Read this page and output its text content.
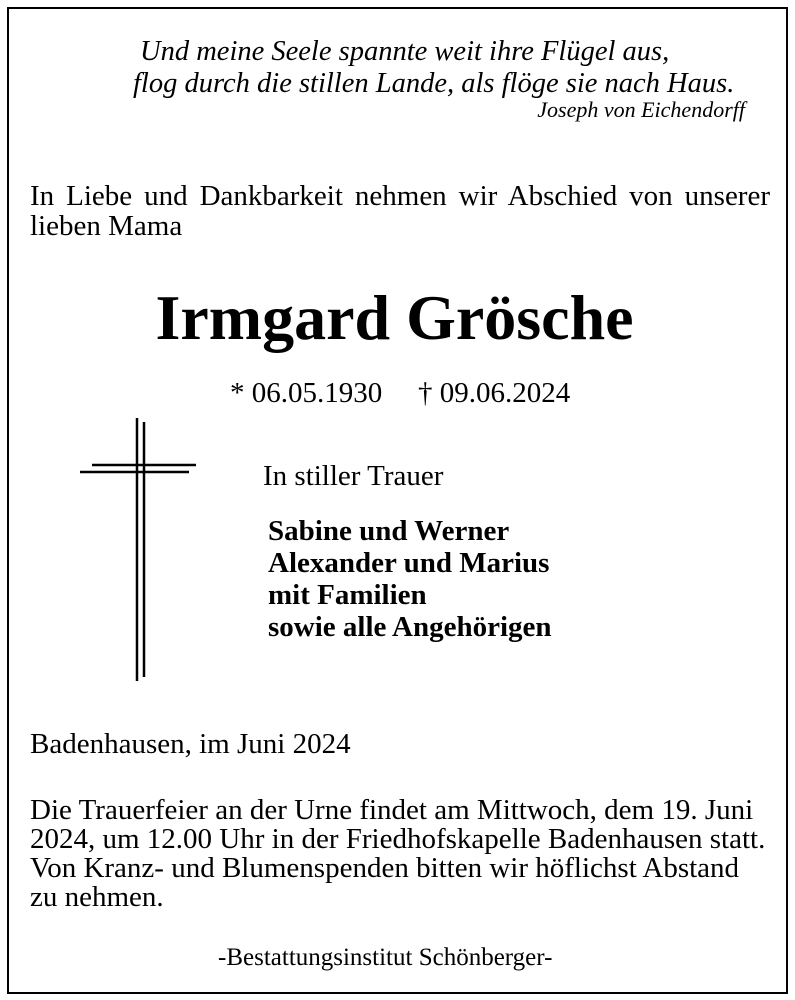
Und meine Seele spannte weit ihre Flügel aus,
flog durch die stillen Lande, als flöge sie nach Haus.
Joseph von Eichendorff
In Liebe und Dankbarkeit nehmen wir Abschied von unserer
lieben Mama
Irmgard Grösche
* 06.05.1930 † 09.06.2024
In stiller Trauer
Sabine und Werner
Alexander und Marius
mit Familien
sowie alle Angehörigen
Badenhausen, im Juni 2024
Die Trauerfeier an der Urne findet am Mittwoch, dem 19. Juni
2024, um 12.00 Uhr in der Friedhofskapelle Badenhausen statt.
Von Kranz- und Blumenspenden bitten wir höflichst Abstand
zu nehmen.
-Bestattungsinstitut Schönberger-
